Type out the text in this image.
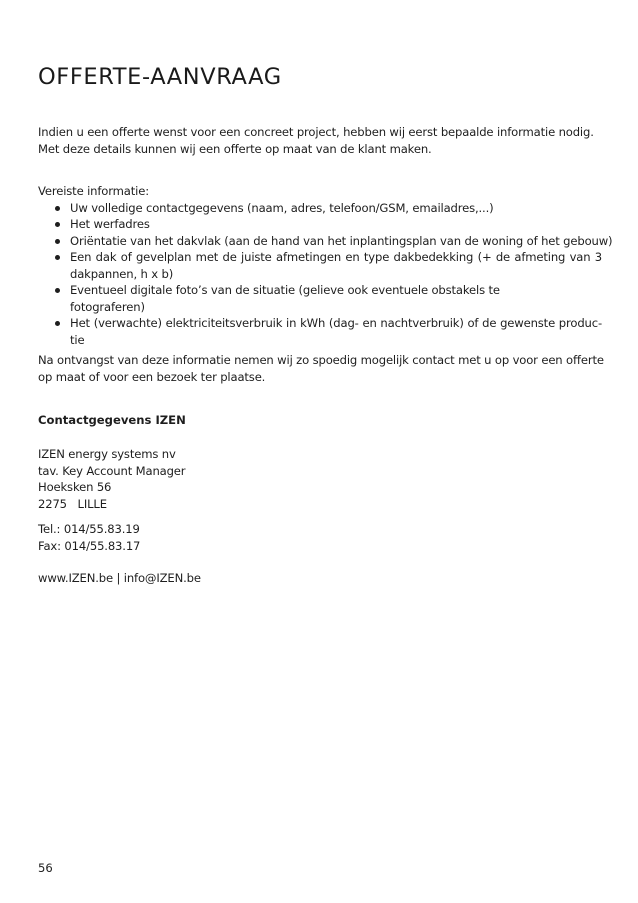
OFFERTE-AANVRAAG
Indien u een offerte wenst voor een concreet project, hebben wij eerst bepaalde informatie nodig.
Met deze details kunnen wij een offerte op maat van de klant maken.
Vereiste informatie:
Uw volledige contactgegevens (naam, adres, telefoon/GSM, emailadres,...)
Het werfadres
Oriëntatie van het dakvlak (aan de hand van het inplantingsplan van de woning of het gebouw)
Een dak of gevelplan met de juiste afmetingen en type dakbedekking (+ de afmeting van 3
dakpannen, h x b)
Eventueel digitale foto’s van de situatie (gelieve ook eventuele obstakels te
fotograferen)
Het (verwachte) elektriciteitsverbruik in kWh (dag- en nachtverbruik) of de gewenste produc-
tie
Na ontvangst van deze informatie nemen wij zo spoedig mogelijk contact met u op voor een offerte
op maat of voor een bezoek ter plaatse.
Contactgegevens IZEN
IZEN energy systems nv
tav. Key Account Manager
Hoeksken 56
2275   LILLE
Tel.: 014/55.83.19
Fax: 014/55.83.17
www.IZEN.be | info@IZEN.be
56
